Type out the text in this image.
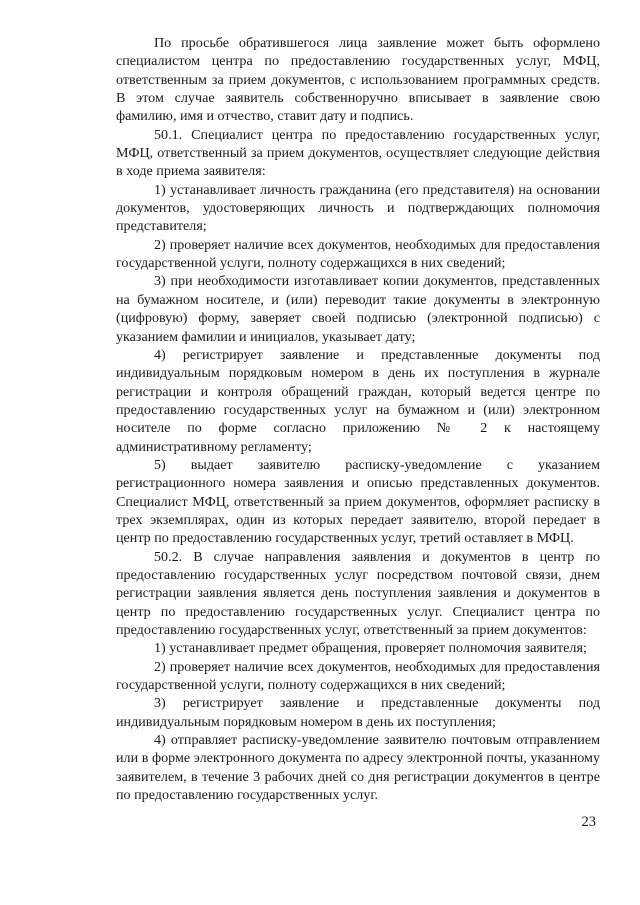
По просьбе обратившегося лица заявление может быть оформлено специалистом центра по предоставлению государственных услуг, МФЦ, ответственным за прием документов, с использованием программных средств. В этом случае заявитель собственноручно вписывает в заявление свою фамилию, имя и отчество, ставит дату и подпись.

50.1. Специалист центра по предоставлению государственных услуг, МФЦ, ответственный за прием документов, осуществляет следующие действия в ходе приема заявителя:

1) устанавливает личность гражданина (его представителя) на основании документов, удостоверяющих личность и подтверждающих полномочия представителя;

2) проверяет наличие всех документов, необходимых для предоставления государственной услуги, полноту содержащихся в них сведений;

3) при необходимости изготавливает копии документов, представленных на бумажном носителе, и (или) переводит такие документы в электронную (цифровую) форму, заверяет своей подписью (электронной подписью) с указанием фамилии и инициалов, указывает дату;

4) регистрирует заявление и представленные документы под индивидуальным порядковым номером в день их поступления в журнале регистрации и контроля обращений граждан, который ведется центре по предоставлению государственных услуг на бумажном и (или) электронном носителе по форме согласно приложению № 2 к настоящему административному регламенту;

5) выдает заявителю расписку-уведомление с указанием регистрационного номера заявления и описью представленных документов. Специалист МФЦ, ответственный за прием документов, оформляет расписку в трех экземплярах, один из которых передает заявителю, второй передает в центр по предоставлению государственных услуг, третий оставляет в МФЦ.

50.2. В случае направления заявления и документов в центр по предоставлению государственных услуг посредством почтовой связи, днем регистрации заявления является день поступления заявления и документов в центр по предоставлению государственных услуг. Специалист центра по предоставлению государственных услуг, ответственный за прием документов:

1) устанавливает предмет обращения, проверяет полномочия заявителя;

2) проверяет наличие всех документов, необходимых для предоставления государственной услуги, полноту содержащихся в них сведений;

3) регистрирует заявление и представленные документы под индивидуальным порядковым номером в день их поступления;

4) отправляет расписку-уведомление заявителю почтовым отправлением или в форме электронного документа по адресу электронной почты, указанному заявителем, в течение 3 рабочих дней со дня регистрации документов в центре по предоставлению государственных услуг.

23
